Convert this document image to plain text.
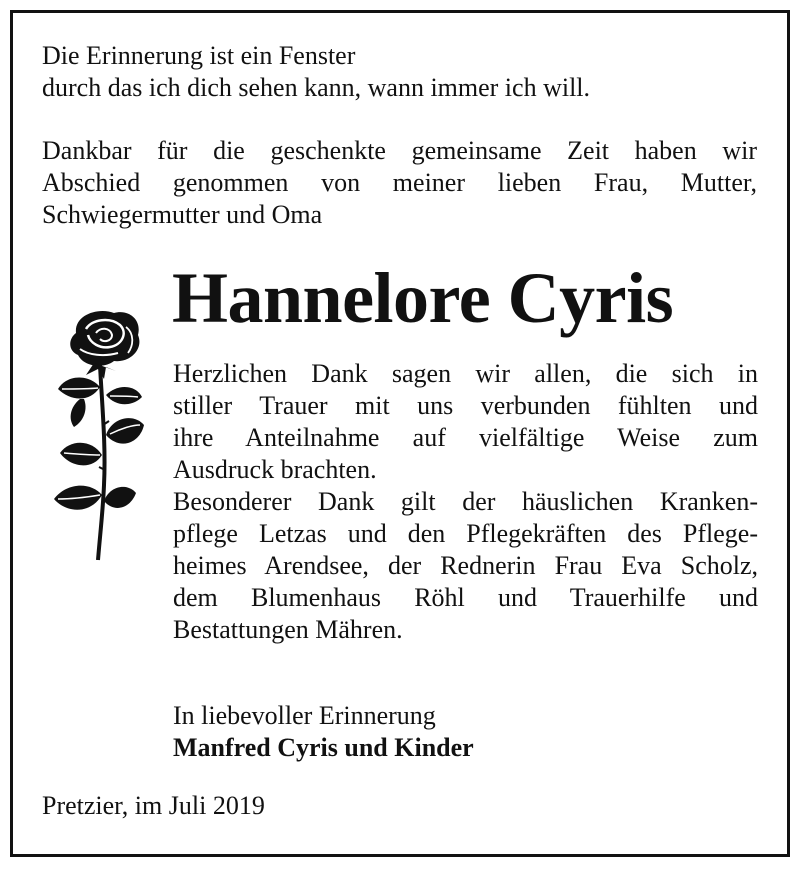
Die Erinnerung ist ein Fenster
durch das ich dich sehen kann, wann immer ich will.
Dankbar für die geschenkte gemeinsame Zeit haben wir
Abschied genommen von meiner lieben Frau, Mutter,
Schwiegermutter und Oma
Hannelore Cyris
Herzlichen Dank sagen wir allen, die sich in
stiller Trauer mit uns verbunden fühlten und
ihre Anteilnahme auf vielfältige Weise zum
Ausdruck brachten.
Besonderer Dank gilt der häuslichen Kranken-
pflege Letzas und den Pflegekräften des Pflege-
heimes Arendsee, der Rednerin Frau Eva Scholz,
dem Blumenhaus Röhl und Trauerhilfe und
Bestattungen Mähren.
In liebevoller Erinnerung
Manfred Cyris und Kinder
Pretzier, im Juli 2019
